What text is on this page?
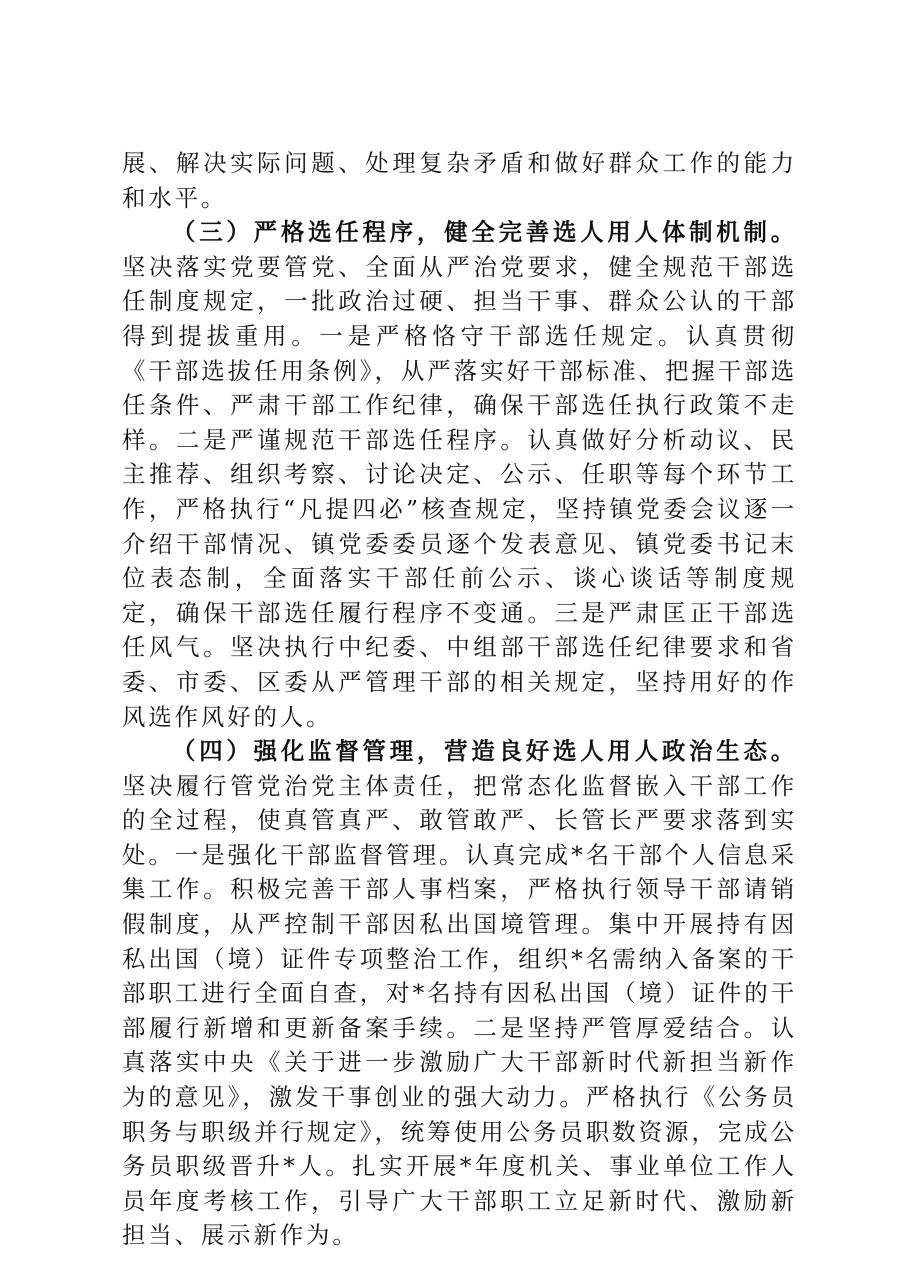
展、解决实际问题、处理复杂矛盾和做好群众工作的能力和水平。

（三）严格选任程序，健全完善选人用人体制机制。坚决落实党要管党、全面从严治党要求，健全规范干部选任制度规定，一批政治过硬、担当干事、群众公认的干部得到提拔重用。一是严格恪守干部选任规定。认真贯彻《干部选拔任用条例》，从严落实好干部标准、把握干部选任条件、严肃干部工作纪律，确保干部选任执行政策不走样。二是严谨规范干部选任程序。认真做好分析动议、民主推荐、组织考察、讨论决定、公示、任职等每个环节工作，严格执行“凡提四必”核查规定，坚持镇党委会议逐一介绍干部情况、镇党委委员逐个发表意见、镇党委书记末位表态制，全面落实干部任前公示、谈心谈话等制度规定，确保干部选任履行程序不变通。三是严肃匡正干部选任风气。坚决执行中纪委、中组部干部选任纪律要求和省委、市委、区委从严管理干部的相关规定，坚持用好的作风选作风好的人。

（四）强化监督管理，营造良好选人用人政治生态。坚决履行管党治党主体责任，把常态化监督嵌入干部工作的全过程，使真管真严、敢管敢严、长管长严要求落到实处。一是强化干部监督管理。认真完成*名干部个人信息采集工作。积极完善干部人事档案，严格执行领导干部请销假制度，从严控制干部因私出国境管理。集中开展持有因私出国（境）证件专项整治工作，组织*名需纳入备案的干部职工进行全面自查，对*名持有因私出国（境）证件的干部履行新增和更新备案手续。二是坚持严管厚爱结合。认真落实中央《关于进一步激励广大干部新时代新担当新作为的意见》，激发干事创业的强大动力。严格执行《公务员职务与职级并行规定》，统筹使用公务员职数资源，完成公务员职级晋升*人。扎实开展*年度机关、事业单位工作人员年度考核工作，引导广大干部职工立足新时代、激励新担当、展示新作为。
